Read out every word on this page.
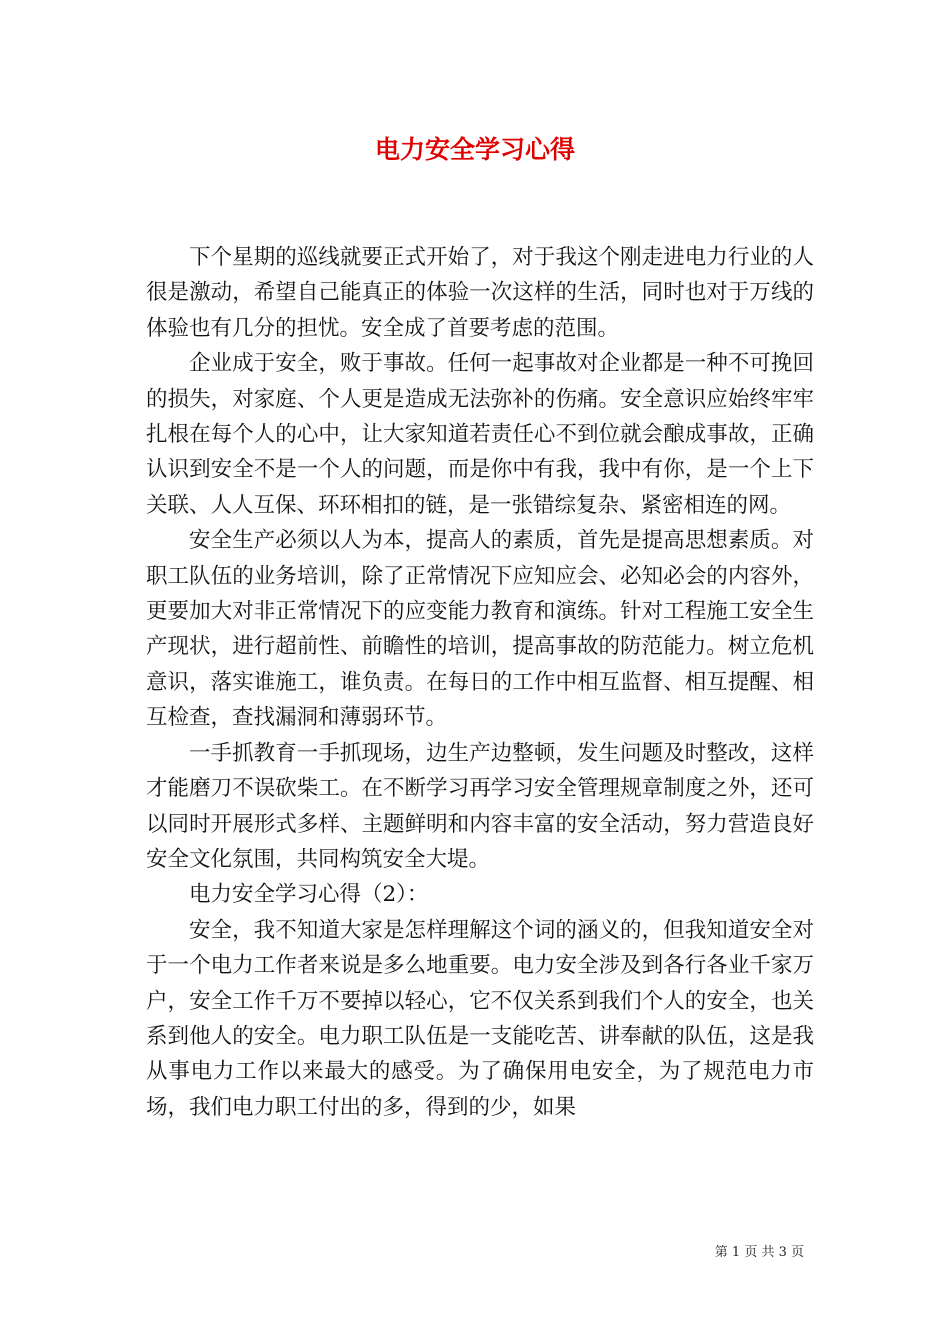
电力安全学习心得

下个星期的巡线就要正式开始了，对于我这个刚走进电力行业的人很是激动，希望自己能真正的体验一次这样的生活，同时也对于万线的体验也有几分的担忧。安全成了首要考虑的范围。

企业成于安全，败于事故。任何一起事故对企业都是一种不可挽回的损失，对家庭、个人更是造成无法弥补的伤痛。安全意识应始终牢牢扎根在每个人的心中，让大家知道若责任心不到位就会酿成事故，正确认识到安全不是一个人的问题，而是你中有我，我中有你，是一个上下关联、人人互保、环环相扣的链，是一张错综复杂、紧密相连的网。

安全生产必须以人为本，提高人的素质，首先是提高思想素质。对职工队伍的业务培训，除了正常情况下应知应会、必知必会的内容外，更要加大对非正常情况下的应变能力教育和演练。针对工程施工安全生产现状，进行超前性、前瞻性的培训，提高事故的防范能力。树立危机意识，落实谁施工，谁负责。在每日的工作中相互监督、相互提醒、相互检查，查找漏洞和薄弱环节。

一手抓教育一手抓现场，边生产边整顿，发生问题及时整改，这样才能磨刀不误砍柴工。在不断学习再学习安全管理规章制度之外，还可以同时开展形式多样、主题鲜明和内容丰富的安全活动，努力营造良好安全文化氛围，共同构筑安全大堤。

电力安全学习心得（2）：

安全，我不知道大家是怎样理解这个词的涵义的，但我知道安全对于一个电力工作者来说是多么地重要。电力安全涉及到各行各业千家万户，安全工作千万不要掉以轻心，它不仅关系到我们个人的安全，也关系到他人的安全。电力职工队伍是一支能吃苦、讲奉献的队伍，这是我从事电力工作以来最大的感受。为了确保用电安全，为了规范电力市场，我们电力职工付出的多，得到的少，如果

第 1 页 共 3 页
